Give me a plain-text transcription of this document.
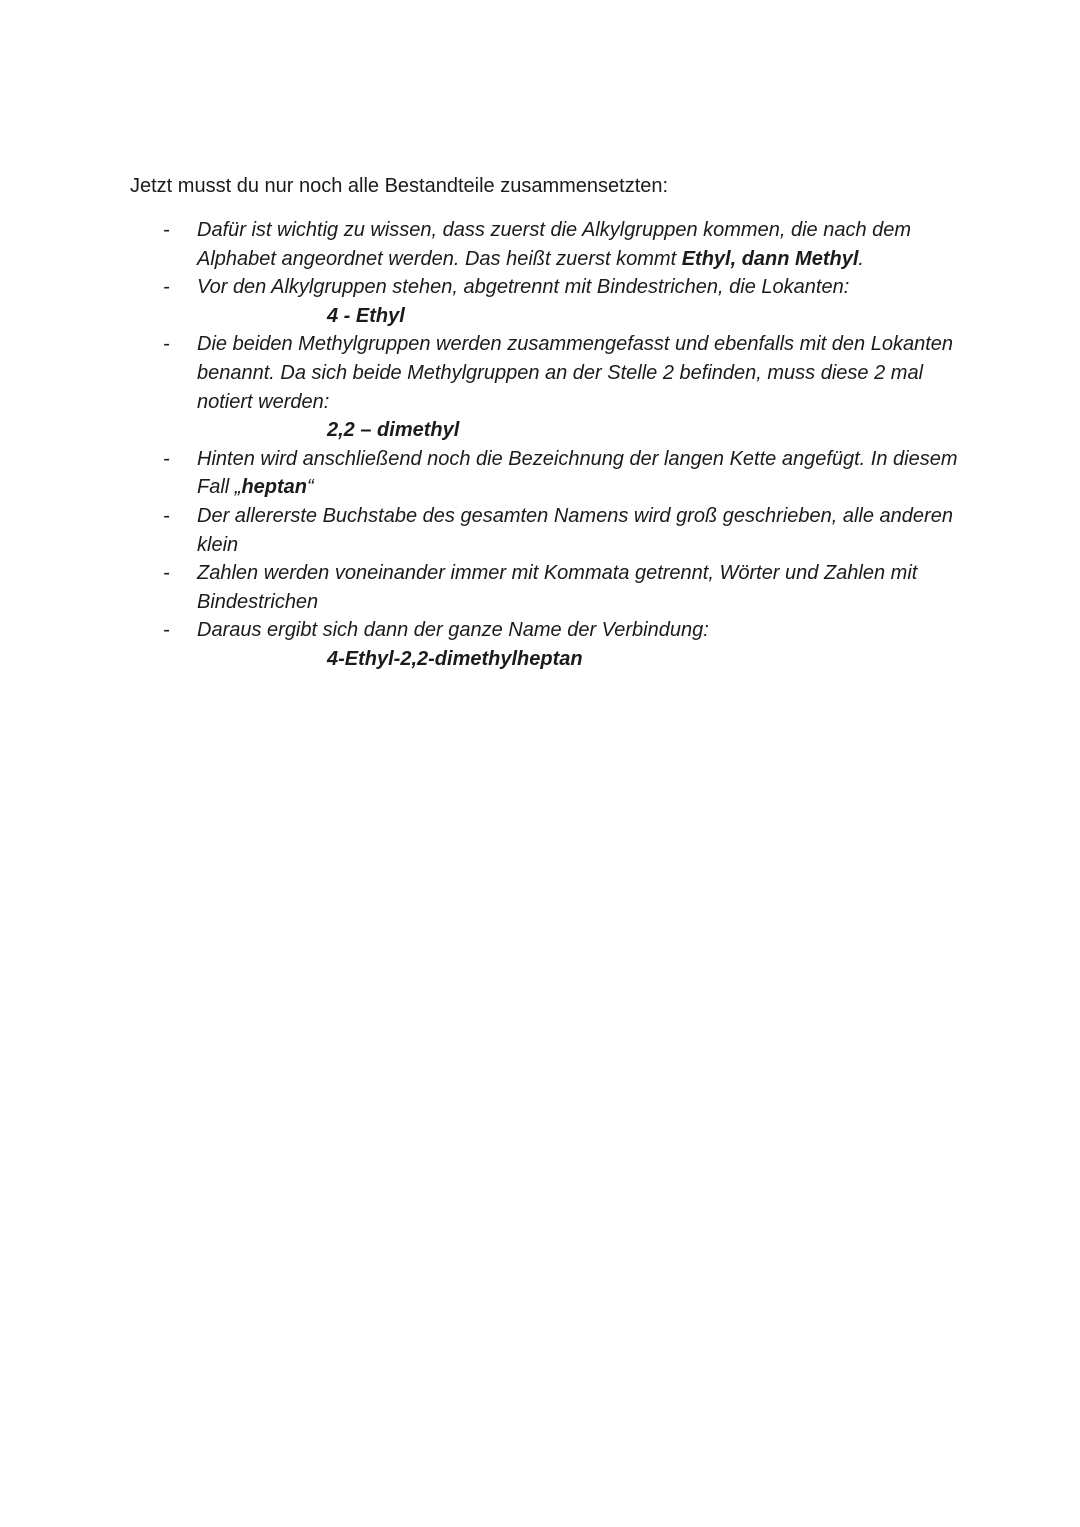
Jetzt musst du nur noch alle Bestandteile zusammensetzten:
- Dafür ist wichtig zu wissen, dass zuerst die Alkylgruppen kommen, die nach dem
Alphabet angeordnet werden. Das heißt zuerst kommt Ethyl, dann Methyl.
- Vor den Alkylgruppen stehen, abgetrennt mit Bindestrichen, die Lokanten:
4 - Ethyl
- Die beiden Methylgruppen werden zusammengefasst und ebenfalls mit den Lokanten
benannt. Da sich beide Methylgruppen an der Stelle 2 befinden, muss diese 2 mal
notiert werden:
2,2 – dimethyl
- Hinten wird anschließend noch die Bezeichnung der langen Kette angefügt. In diesem
Fall „heptan“
- Der allererste Buchstabe des gesamten Namens wird groß geschrieben, alle anderen
klein
- Zahlen werden voneinander immer mit Kommata getrennt, Wörter und Zahlen mit
Bindestrichen
- Daraus ergibt sich dann der ganze Name der Verbindung:
4-Ethyl-2,2-dimethylheptan
